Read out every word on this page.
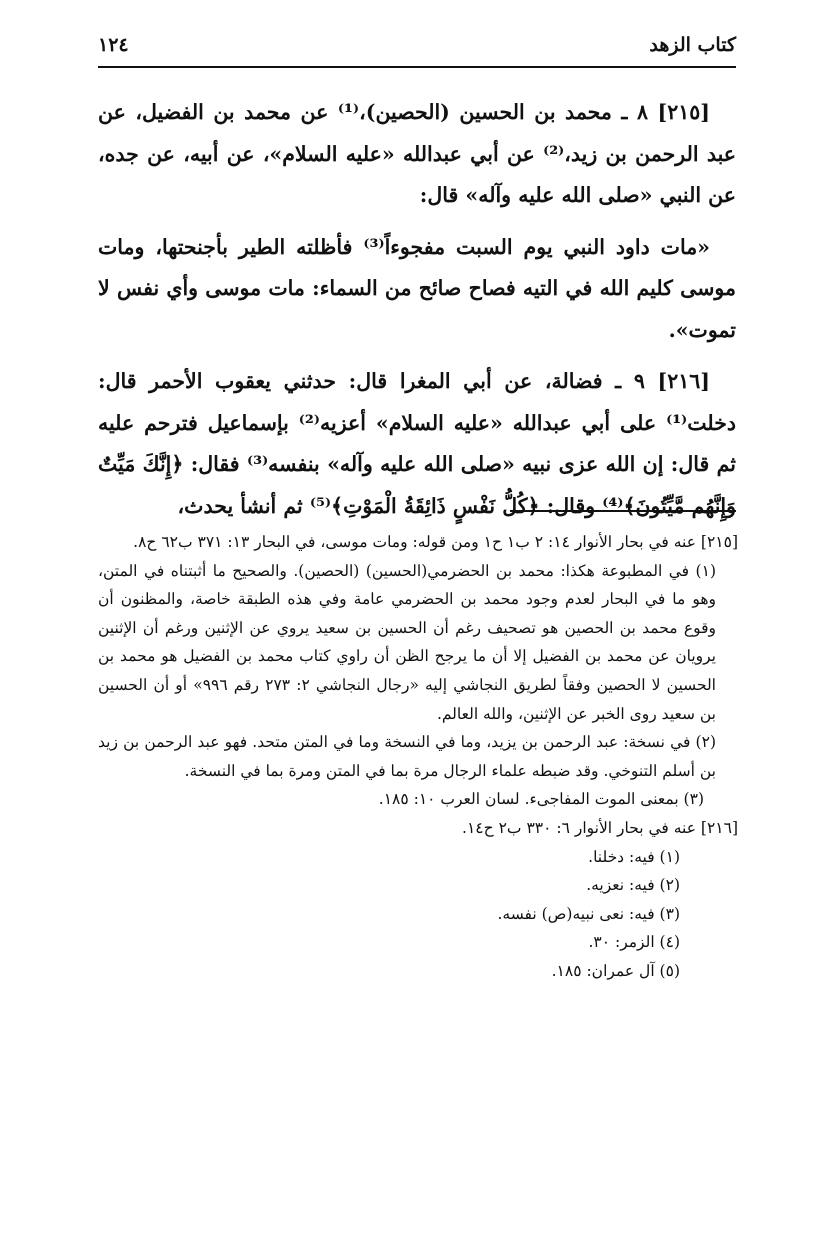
كتاب الزهد
١٢٤

[٢١٥] ٨ ـ محمد بن الحسين (الحصين)،⁽¹⁾ عن محمد بن الفضيل، عن عبد الرحمن بن زيد،⁽²⁾ عن أبي عبدالله «عليه السلام»، عن أبيه، عن جده، عن النبي «صلى الله عليه وآله» قال:

«مات داود النبي يوم السبت مفجوءاً⁽³⁾ فأظلته الطير بأجنحتها، ومات موسى كليم الله في التيه فصاح صائح من السماء: مات موسى وأي نفس لا تموت».

[٢١٦] ٩ ـ فضالة، عن أبي المغرا قال: حدثني يعقوب الأحمر قال: دخلت⁽¹⁾ على أبي عبدالله «عليه السلام» أعزيه⁽²⁾ بإسماعيل فترحم عليه ثم قال: إن الله عزى نبيه «صلى الله عليه وآله» بنفسه⁽³⁾ فقال: ﴿إِنَّكَ مَيِّتٌ وَإِنَّهُم مَّيِّتُونَ﴾⁽⁴⁾ وقال: ﴿كُلُّ نَفْسٍ ذَائِقَةُ الْمَوْتِ﴾⁽⁵⁾ ثم أنشأ يحدث،

[٢١٥] عنه في بحار الأنوار ١٤: ٢ ب١ ح١ ومن قوله: ومات موسى، في البحار ١٣: ٣٧١ ب٦٢ ح٨.

(١) في المطبوعة هكذا: محمد بن الحضرمي(الحسين) (الحصين). والصحيح ما أثبتناه في المتن، وهو ما في البحار لعدم وجود محمد بن الحضرمي عامة وفي هذه الطبقة خاصة، والمظنون أن وقوع محمد بن الحصين هو تصحيف رغم أن الحسين بن سعيد يروي عن الإثنين ورغم أن الإثنين يرويان عن محمد بن الفضيل إلا أن ما يرجح الظن أن راوي كتاب محمد بن الفضيل هو محمد بن الحسين لا الحصين وفقاً لطريق النجاشي إليه «رجال النجاشي ٢: ٢٧٣ رقم ٩٩٦» أو أن الحسين بن سعيد روى الخبر عن الإثنين، والله العالم.

(٢) في نسخة: عبد الرحمن بن يزيد، وما في النسخة وما في المتن متحد. فهو عبد الرحمن بن زيد بن أسلم التنوخي. وقد ضبطه علماء الرجال مرة بما في المتن ومرة بما في النسخة.

(٣) بمعنى الموت المفاجىء. لسان العرب ١٠: ١٨٥.

[٢١٦] عنه في بحار الأنوار ٦: ٣٣٠ ب٢ ح١٤.

(١) فيه: دخلنا.

(٢) فيه: نعزيه.

(٣) فيه: نعى نبيه(ص) نفسه.

(٤) الزمر: ٣٠.

(٥) آل عمران: ١٨٥.
